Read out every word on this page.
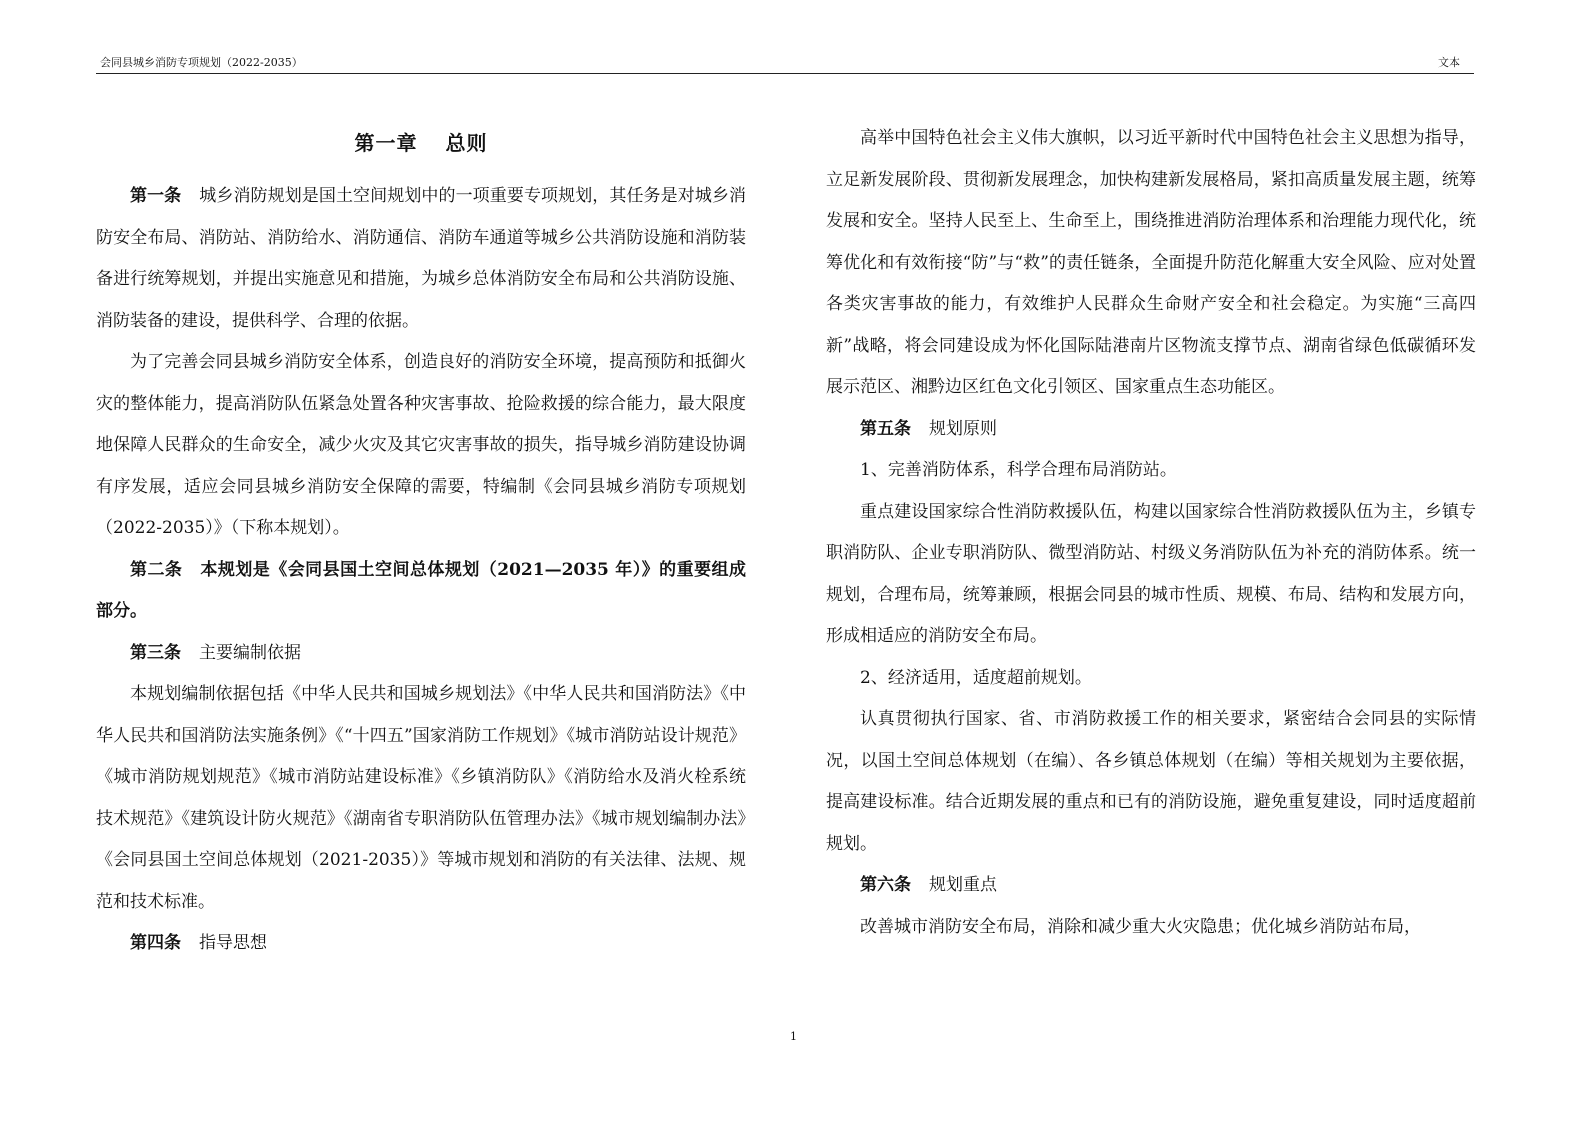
会同县城乡消防专项规划（2022-2035）	文本
第一章 总则

第一条 城乡消防规划是国土空间规划中的一项重要专项规划，其任务是对城乡消防安全布局、消防站、消防给水、消防通信、消防车通道等城乡公共消防设施和消防装备进行统筹规划，并提出实施意见和措施，为城乡总体消防安全布局和公共消防设施、消防装备的建设，提供科学、合理的依据。

为了完善会同县城乡消防安全体系，创造良好的消防安全环境，提高预防和抵御火灾的整体能力，提高消防队伍紧急处置各种灾害事故、抢险救援的综合能力，最大限度地保障人民群众的生命安全，减少火灾及其它灾害事故的损失，指导城乡消防建设协调有序发展，适应会同县城乡消防安全保障的需要，特编制《会同县城乡消防专项规划（2022-2035）》（下称本规划）。

第二条 本规划是《会同县国土空间总体规划（2021—2035 年）》的重要组成部分。

第三条 主要编制依据

本规划编制依据包括《中华人民共和国城乡规划法》《中华人民共和国消防法》《中华人民共和国消防法实施条例》《“十四五”国家消防工作规划》《城市消防站设计规范》《城市消防规划规范》《城市消防站建设标准》《乡镇消防队》《消防给水及消火栓系统技术规范》《建筑设计防火规范》《湖南省专职消防队伍管理办法》《城市规划编制办法》《会同县国土空间总体规划（2021-2035）》等城市规划和消防的有关法律、法规、规范和技术标准。

第四条 指导思想

高举中国特色社会主义伟大旗帜，以习近平新时代中国特色社会主义思想为指导，立足新发展阶段、贯彻新发展理念，加快构建新发展格局，紧扣高质量发展主题，统筹发展和安全。坚持人民至上、生命至上，围绕推进消防治理体系和治理能力现代化，统筹优化和有效衔接“防”与“救”的责任链条，全面提升防范化解重大安全风险、应对处置各类灾害事故的能力，有效维护人民群众生命财产安全和社会稳定。为实施“三高四新”战略，将会同建设成为怀化国际陆港南片区物流支撑节点、湖南省绿色低碳循环发展示范区、湘黔边区红色文化引领区、国家重点生态功能区。

第五条 规划原则

1、完善消防体系，科学合理布局消防站。

重点建设国家综合性消防救援队伍，构建以国家综合性消防救援队伍为主，乡镇专职消防队、企业专职消防队、微型消防站、村级义务消防队伍为补充的消防体系。统一规划，合理布局，统筹兼顾，根据会同县的城市性质、规模、布局、结构和发展方向，形成相适应的消防安全布局。

2、经济适用，适度超前规划。

认真贯彻执行国家、省、市消防救援工作的相关要求，紧密结合会同县的实际情况，以国土空间总体规划（在编）、各乡镇总体规划（在编）等相关规划为主要依据，提高建设标准。结合近期发展的重点和已有的消防设施，避免重复建设，同时适度超前规划。

第六条 规划重点

改善城市消防安全布局，消除和减少重大火灾隐患；优化城乡消防站布局，

1
